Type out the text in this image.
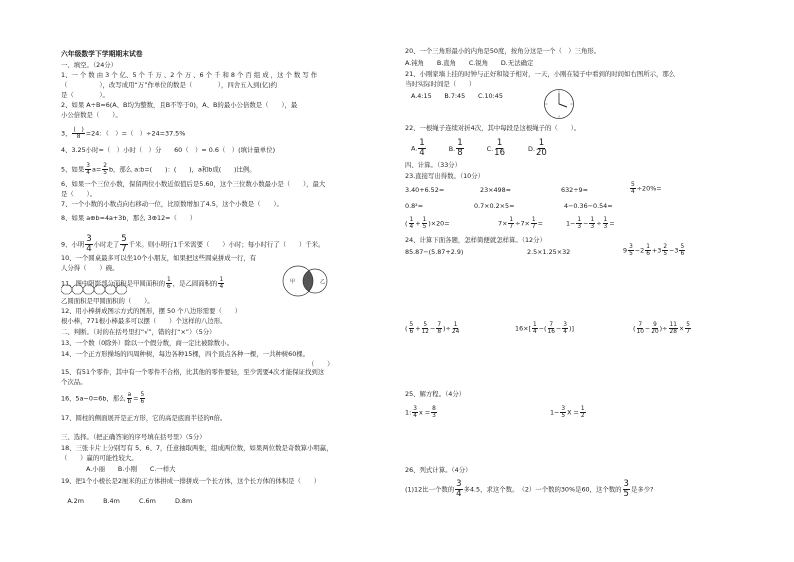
六年级数学下学期期末试卷
一、填空。（24分）
1、一 个 数 由 3 个 亿、5 个 千 万 、2 个 万 、6 个 千 和 8 个 百 组 成 ，这 个 数 写 作
（　　　　　），改写成用“万”作单位的数是（　　　　），四舍五入到(亿)约
是（　　　　）。
2、如果 A÷B=6(A、B均为整数，且B不等于0)，A、B的最小公倍数是（　　），最
小公倍数是（　　）。
3、 $\frac{( )}{8} =24$：（　）=（　）÷24=37.5%
4、3.25小时=（　）小时（　）分　　60（　）= 0.6（　）(填计量单位)
5、如果 $\frac{3}{4} a= \frac{2}{5}$ b，那么 a:b=(　　)：(　　)，a和b成(　　)比例。
6、如果一个三位小数，保留两位小数近似值后是5.60，这个三位数小数最小是（　　），最大
是（　　）。
7、一个小数的小数点向右移动一位，比原数增加了4.5，这个小数是（　　）。
8、如果 a⊕b=4a+3b，那么 3⊕12=（　　）
9、小明 $\frac{3}{4}$ 小时走了 $\frac{5}{7}$ 千米。则小明行1千米需要（　　）小时；每小时行了（　　）千米。
10、一个圆桌最多可以坐10个小朋友，如果把这些圆桌拼成一行，有
人分得（　　）碗。
11、图中阴影部分面积是甲圆面积的 $\frac{1}{6}$ ，是乙圆面积的 $\frac{1}{4}$	甲	乙
乙圆面积是甲圆面积的（　　）。
12、用小棒拼成图示方式的图形，摆 50 个八边形需要（　　）
根小棒，771根小棒最多可以摆（　　）个这样的八边形。
二、判断。（对的在括号里打“√”，错的打“×”）（5分）
13、一个数（0除外）除以一个假分数，商一定比被除数小。
14、一个正方形操场的四周种树，每边各种15棵，四个顶点各种一棵，一共种树60棵。
（　　）
15、有51个零件，其中有一个零件不合格，比其他的零件要轻，至少需要4次才能保证找到这
个次品。
16、5a−0=6b，那么 $\frac{a}{b} = \frac{5}{6}$
17、圆柱的侧面展开是正方形，它的高是底面半径的π倍。
三、选择。（把正确答案的序号填在括号里）（5分）
18、三张卡片上分别写有 5、6、7，任意抽取两张，组成两位数，如果两位数是奇数算小明赢，
（　　）赢的可能性较大。
A.小丽　　B.小刚　　C.一样大
19、把1个小棱长是2厘米的正方体拼成一排拼成一个长方体，这个长方体的体积是（　　）
　A.2m　　　B.4m　　　C.6m　　　D.8m
20、一个三角形最小的内角是50度，按角分这是一个（　）三角形。
A.钝角　　B.直角　　C.锐角　　D.无法确定
21、小刚家墙上挂的时钟与正好和镜子相对，一天，小刚在镜子中看到的时间如右图所示，那么
当时实际时间是（　　）
A.4:15　　B.7:45　　C.10:45
22、一根绳子连续对折4次，其中每段是这根绳子的（　　）。
A. $\frac{1}{4}$	B. $\frac{1}{8}$	C. $\frac{1}{16}$	D. $\frac{1}{20}$
四、计算。（33分）
23.直接写出得数。（10分）
3.40+6.52=	23×498≈	632÷9≈	$\frac{5}{4} \div 20\%=$
0.8²=	0.7×0.2×5=	4−0.36−0.54=
( $\frac{1}{4} + \frac{1}{5} )\times 20=$	$7\times \frac{1}{7} \div 7\times \frac{1}{7}$ =	$1- \frac{1}{3} - \frac{1}{3} \div \frac{1}{3}$ =
24、计算下面各题，怎样简便就怎样算。（12分）
85.87−(5.87+2.9)	2.5×1.25×32	$9 \frac{3}{5} -2 \frac{1}{6} +3 \frac{2}{5} -3 \frac{5}{6}$
( $\frac{5}{6} + \frac{5}{12} - \frac{7}{8}$ )÷ $\frac{1}{24}$	$16\times[ \frac{1}{4}$ −( $\frac{7}{16} - \frac{3}{4}$ )]	( $\frac{7}{10} - \frac{9}{20}$ )÷ $\frac{11}{28} \times \frac{5}{7}$
25、解方程。（4分）
1: $\frac{3}{4}$ $x = \frac{8}{3}$	$1- \frac{3}{5}$ $X = \frac{1}{2}$
26、列式计算。（4分）
(1)12比一个数的 $\frac{3}{4}$ 多4.5，求这个数。　（2）一个数的30%是60，这个数的 $\frac{3}{5}$ 是多少?
